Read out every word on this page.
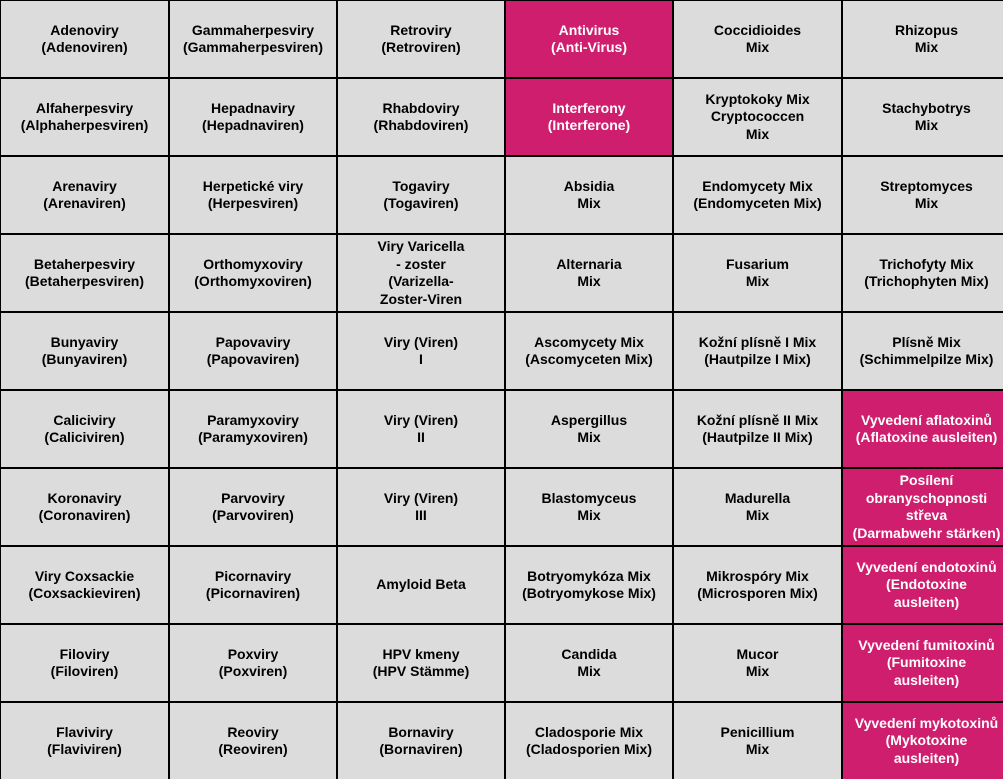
Adenoviry
(Adenoviren)
Gammaherpesviry
(Gammaherpesviren)
Retroviry
(Retroviren)
Antivirus
(Anti-Virus)
Coccidioides
Mix
Rhizopus
Mix
Alfaherpesviry
(Alphaherpesviren)
Hepadnaviry
(Hepadnaviren)
Rhabdoviry
(Rhabdoviren)
Interferony
(Interferone)
Kryptokoky Mix
Cryptococcen
Mix
Stachybotrys
Mix
Arenaviry
(Arenaviren)
Herpetické viry
(Herpesviren)
Togaviry
(Togaviren)
Absidia
Mix
Endomycety Mix
(Endomyceten Mix)
Streptomyces
Mix
Betaherpesviry
(Betaherpesviren)
Orthomyxoviry
(Orthomyxoviren)
Viry Varicella
- zoster
(Varizella-
Zoster-Viren
Alternaria
Mix
Fusarium
Mix
Trichofyty Mix
(Trichophyten Mix)
Bunyaviry
(Bunyaviren)
Papovaviry
(Papovaviren)
Viry (Viren)
I
Ascomycety Mix
(Ascomyceten Mix)
Kožní plísně I Mix
(Hautpilze I Mix)
Plísně Mix
(Schimmelpilze Mix)
Caliciviry
(Caliciviren)
Paramyxoviry
(Paramyxoviren)
Viry (Viren)
II
Aspergillus
Mix
Kožní plísně II Mix
(Hautpilze II Mix)
Vyvedení aflatoxinů
(Aflatoxine ausleiten)
Koronaviry
(Coronaviren)
Parvoviry
(Parvoviren)
Viry (Viren)
III
Blastomyceus
Mix
Madurella
Mix
Posílení
obranyschopnosti
střeva
(Darmabwehr stärken)
Viry Coxsackie
(Coxsackieviren)
Picornaviry
(Picornaviren)
Amyloid Beta
Botryomykóza Mix
(Botryomykose Mix)
Mikrospóry Mix
(Microsporen Mix)
Vyvedení endotoxinů
(Endotoxine
ausleiten)
Filoviry
(Filoviren)
Poxviry
(Poxviren)
HPV kmeny
(HPV Stämme)
Candida
Mix
Mucor
Mix
Vyvedení fumitoxinů
(Fumitoxine
ausleiten)
Flaviviry
(Flaviviren)
Reoviry
(Reoviren)
Bornaviry
(Bornaviren)
Cladosporie Mix
(Cladosporien Mix)
Penicillium
Mix
Vyvedení mykotoxinů
(Mykotoxine
ausleiten)
